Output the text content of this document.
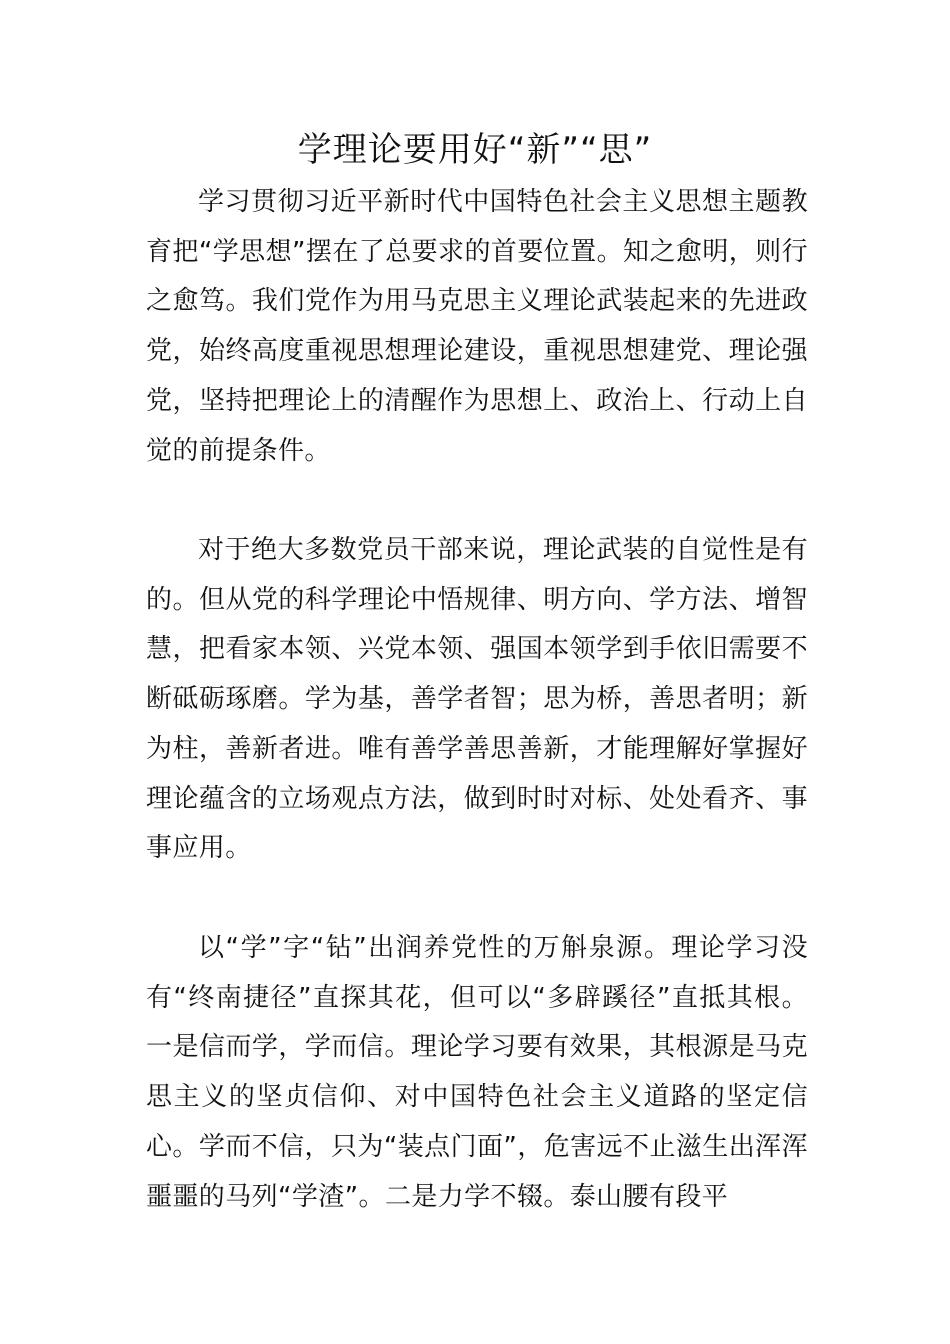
学理论要用好“新”“思”

学习贯彻习近平新时代中国特色社会主义思想主题教育把“学思想”摆在了总要求的首要位置。知之愈明，则行之愈笃。我们党作为用马克思主义理论武装起来的先进政党，始终高度重视思想理论建设，重视思想建党、理论强党，坚持把理论上的清醒作为思想上、政治上、行动上自觉的前提条件。

对于绝大多数党员干部来说，理论武装的自觉性是有的。但从党的科学理论中悟规律、明方向、学方法、增智慧，把看家本领、兴党本领、强国本领学到手依旧需要不断砥砺琢磨。学为基，善学者智；思为桥，善思者明；新为柱，善新者进。唯有善学善思善新，才能理解好掌握好理论蕴含的立场观点方法，做到时时对标、处处看齐、事事应用。

以“学”字“钻”出润养党性的万斛泉源。理论学习没有“终南捷径”直探其花，但可以“多辟蹊径”直抵其根。一是信而学，学而信。理论学习要有效果，其根源是马克思主义的坚贞信仰、对中国特色社会主义道路的坚定信心。学而不信，只为“装点门面”，危害远不止滋生出浑浑噩噩的马列“学渣”。二是力学不辍。泰山腰有段平
